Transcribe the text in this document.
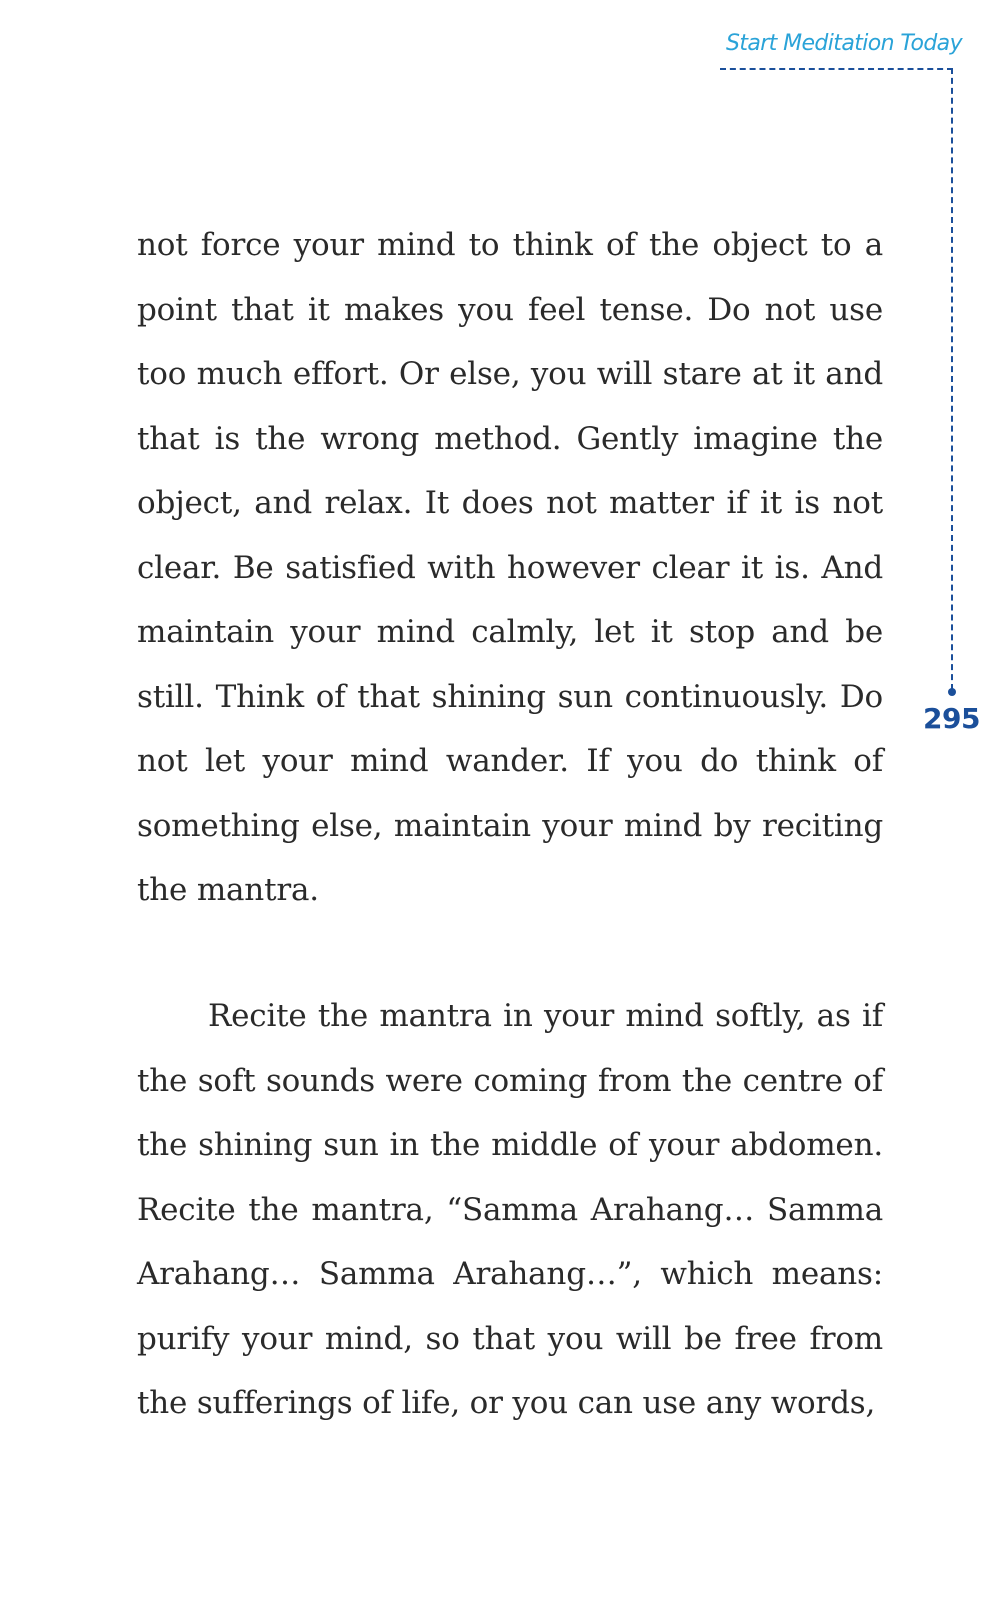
Start Meditation Today

295

not force your mind to think of the object to a point that it makes you feel tense. Do not use too much effort. Or else, you will stare at it and that is the wrong method. Gently imagine the object, and relax. It does not matter if it is not clear. Be satisfied with however clear it is. And maintain your mind calmly, let it stop and be still. Think of that shining sun continuously. Do not let your mind wander. If you do think of something else, maintain your mind by reciting the mantra.

Recite the mantra in your mind softly, as if the soft sounds were coming from the centre of the shining sun in the middle of your abdomen. Recite the mantra, “Samma Arahang… Samma Arahang… Samma Arahang…”, which means: purify your mind, so that you will be free from the sufferings of life, or you can use any words,
